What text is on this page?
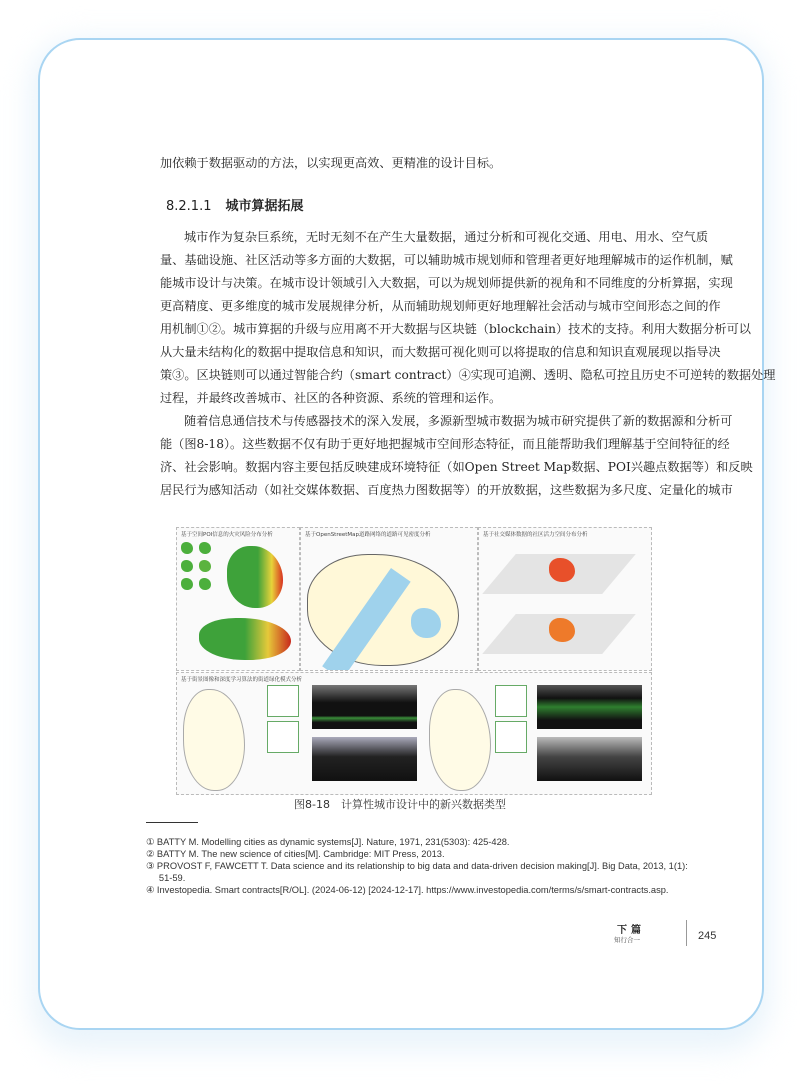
加依赖于数据驱动的方法，以实现更高效、更精准的设计目标。
8.2.1.1 城市算据拓展
城市作为复杂巨系统，无时无刻不在产生大量数据，通过分析和可视化交通、用电、用水、空气质
量、基础设施、社区活动等多方面的大数据，可以辅助城市规划师和管理者更好地理解城市的运作机制，赋
能城市设计与决策。在城市设计领域引入大数据，可以为规划师提供新的视角和不同维度的分析算据，实现
更高精度、更多维度的城市发展规律分析，从而辅助规划师更好地理解社会活动与城市空间形态之间的作
用机制①②。城市算据的升级与应用离不开大数据与区块链（blockchain）技术的支持。利用大数据分析可以
从大量未结构化的数据中提取信息和知识，而大数据可视化则可以将提取的信息和知识直观展现以指导决
策③。区块链则可以通过智能合约（smart contract）④实现可追溯、透明、隐私可控且历史不可逆转的数据处理
过程，并最终改善城市、社区的各种资源、系统的管理和运作。
随着信息通信技术与传感器技术的深入发展，多源新型城市数据为城市研究提供了新的数据源和分析可
能（图8-18）。这些数据不仅有助于更好地把握城市空间形态特征，而且能帮助我们理解基于空间特征的经
济、社会影响。数据内容主要包括反映建成环境特征（如Open Street Map数据、POI兴趣点数据等）和反映
居民行为感知活动（如社交媒体数据、百度热力图数据等）的开放数据，这些数据为多尺度、定量化的城市
基于空间POI信息的火灾风险分布分析	基于OpenStreetMap道路网络的道路可见密度分析	基于社交媒体数据的社区活力空间分布分析
基于街景图像和深度学习算法的街道绿化模式分析
图8-18　计算性城市设计中的新兴数据类型
① BATTY M. Modelling cities as dynamic systems[J]. Nature, 1971, 231(5303): 425-428.
② BATTY M. The new science of cities[M]. Cambridge: MIT Press, 2013.
③ PROVOST F, FAWCETT T. Data science and its relationship to big data and data-driven decision making[J]. Big Data, 2013, 1(1):
51-59.
④ Investopedia. Smart contracts[R/OL]. (2024-06-12) [2024-12-17]. https://www.investopedia.com/terms/s/smart-contracts.asp.
下篇
知行合一	245
